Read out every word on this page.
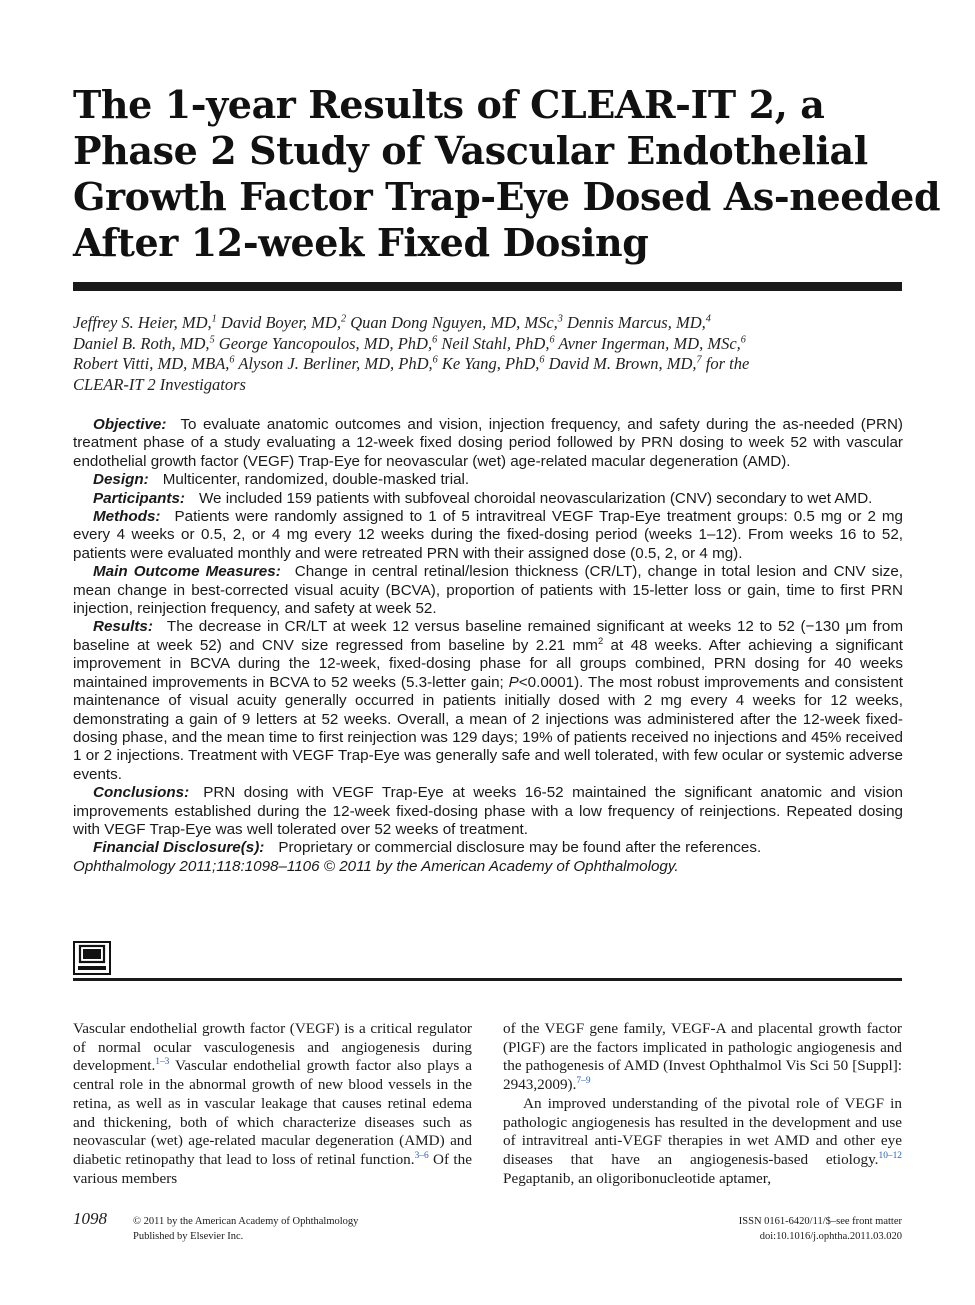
The 1-year Results of CLEAR-IT 2, a
Phase 2 Study of Vascular Endothelial
Growth Factor Trap-Eye Dosed As-needed
After 12-week Fixed Dosing
Jeffrey S. Heier, MD,$^1$ David Boyer, MD,$^2$ Quan Dong Nguyen, MD, MSc,$^3$ Dennis Marcus, MD,$^4$
Daniel B. Roth, MD,$^5$ George Yancopoulos, MD, PhD,$^6$ Neil Stahl, PhD,$^6$ Avner Ingerman, MD, MSc,$^6$
Robert Vitti, MD, MBA,$^6$ Alyson J. Berliner, MD, PhD,$^6$ Ke Yang, PhD,$^6$ David M. Brown, MD,$^7$ for the
CLEAR-IT 2 Investigators

Objective: To evaluate anatomic outcomes and vision, injection frequency, and safety during the as-needed (PRN) treatment phase of a study evaluating a 12-week fixed dosing period followed by PRN dosing to week 52 with vascular endothelial growth factor (VEGF) Trap-Eye for neovascular (wet) age-related macular degeneration (AMD).

Design: Multicenter, randomized, double-masked trial.

Participants: We included 159 patients with subfoveal choroidal neovascularization (CNV) secondary to wet AMD.

Methods: Patients were randomly assigned to 1 of 5 intravitreal VEGF Trap-Eye treatment groups: 0.5 mg or 2 mg every 4 weeks or 0.5, 2, or 4 mg every 12 weeks during the fixed-dosing period (weeks 1–12). From weeks 16 to 52, patients were evaluated monthly and were retreated PRN with their assigned dose (0.5, 2, or 4 mg).

Main Outcome Measures: Change in central retinal/lesion thickness (CR/LT), change in total lesion and CNV size, mean change in best-corrected visual acuity (BCVA), proportion of patients with 15-letter loss or gain, time to first PRN injection, reinjection frequency, and safety at week 52.

Results: The decrease in CR/LT at week 12 versus baseline remained significant at weeks 12 to 52 (−130 μm from baseline at week 52) and CNV size regressed from baseline by 2.21 $mm^2$ at 48 weeks. After achieving a significant improvement in BCVA during the 12-week, fixed-dosing phase for all groups combined, PRN dosing for 40 weeks maintained improvements in BCVA to 52 weeks (5.3-letter gain; P<0.0001). The most robust improvements and consistent maintenance of visual acuity generally occurred in patients initially dosed with 2 mg every 4 weeks for 12 weeks, demonstrating a gain of 9 letters at 52 weeks. Overall, a mean of 2 injections was administered after the 12-week fixed-dosing phase, and the mean time to first reinjection was 129 days; 19% of patients received no injections and 45% received 1 or 2 injections. Treatment with VEGF Trap-Eye was generally safe and well tolerated, with few ocular or systemic adverse events.

Conclusions: PRN dosing with VEGF Trap-Eye at weeks 16-52 maintained the significant anatomic and vision improvements established during the 12-week fixed-dosing phase with a low frequency of reinjections. Repeated dosing with VEGF Trap-Eye was well tolerated over 52 weeks of treatment.

Financial Disclosure(s): Proprietary or commercial disclosure may be found after the references.

Ophthalmology 2011;118:1098–1106 © 2011 by the American Academy of Ophthalmology.

Vascular endothelial growth factor (VEGF) is a critical regulator of normal ocular vasculogenesis and angiogenesis during development.$^{1-3}$ Vascular endothelial growth factor also plays a central role in the abnormal growth of new blood vessels in the retina, as well as in vascular leakage that causes retinal edema and thickening, both of which characterize diseases such as neovascular (wet) age-related macular degeneration (AMD) and diabetic retinopathy that lead to loss of retinal function.$^{3-6}$ Of the various members

of the VEGF gene family, VEGF-A and placental growth factor (PlGF) are the factors implicated in pathologic angiogenesis and the pathogenesis of AMD (Invest Ophthalmol Vis Sci 50 [Suppl]: 2943,2009).$^{7-9}$

An improved understanding of the pivotal role of VEGF in pathologic angiogenesis has resulted in the development and use of intravitreal anti-VEGF therapies in wet AMD and other eye diseases that have an angiogenesis-based etiology.$^{10-12}$ Pegaptanib, an oligoribonucleotide aptamer,

1098 © 2011 by the American Academy of Ophthalmology
Published by Elsevier Inc.
ISSN 0161-6420/11/$–see front matter
doi:10.1016/j.ophtha.2011.03.020
